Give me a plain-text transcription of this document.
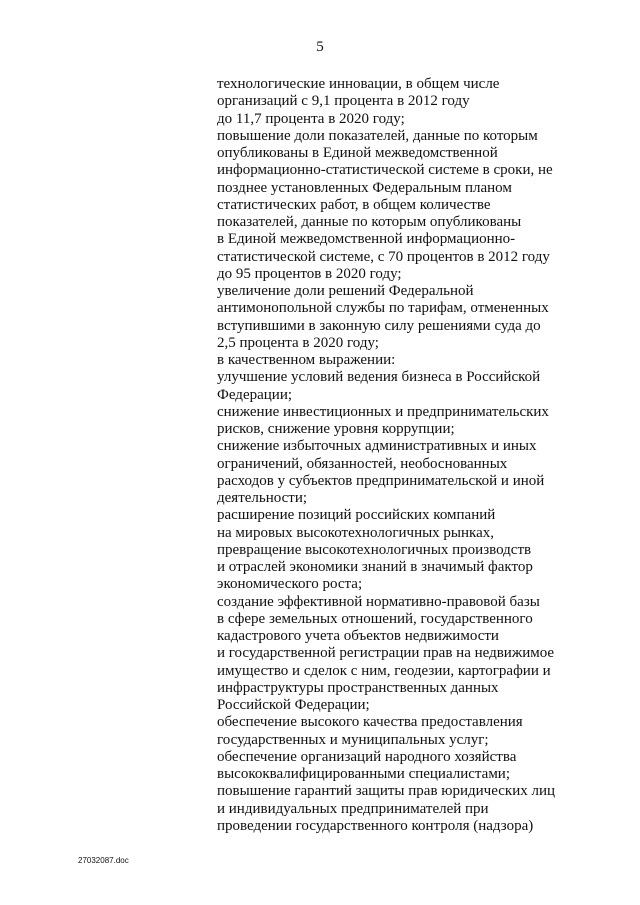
5
технологические инновации, в общем числе
организаций с 9,1 процента в 2012 году
до 11,7 процента в 2020 году;
повышение доли показателей, данные по которым
опубликованы в Единой межведомственной
информационно-статистической системе в сроки, не
позднее установленных Федеральным планом
статистических работ, в общем количестве
показателей, данные по которым опубликованы
в Единой межведомственной информационно-
статистической системе, с 70 процентов в 2012 году
до 95 процентов в 2020 году;
увеличение доли решений Федеральной
антимонопольной службы по тарифам, отмененных
вступившими в законную силу решениями суда до
2,5 процента в 2020 году;
в качественном выражении:
улучшение условий ведения бизнеса в Российской
Федерации;
снижение инвестиционных и предпринимательских
рисков, снижение уровня коррупции;
снижение избыточных административных и иных
ограничений, обязанностей, необоснованных
расходов у субъектов предпринимательской и иной
деятельности;
расширение позиций российских компаний
на мировых высокотехнологичных рынках,
превращение высокотехнологичных производств
и отраслей экономики знаний в значимый фактор
экономического роста;
создание эффективной нормативно-правовой базы
в сфере земельных отношений, государственного
кадастрового учета объектов недвижимости
и государственной регистрации прав на недвижимое
имущество и сделок с ним, геодезии, картографии и
инфраструктуры пространственных данных
Российской Федерации;
обеспечение высокого качества предоставления
государственных и муниципальных услуг;
обеспечение организаций народного хозяйства
высококвалифицированными специалистами;
повышение гарантий защиты прав юридических лиц
и индивидуальных предпринимателей при
проведении государственного контроля (надзора)
27032087.doc
